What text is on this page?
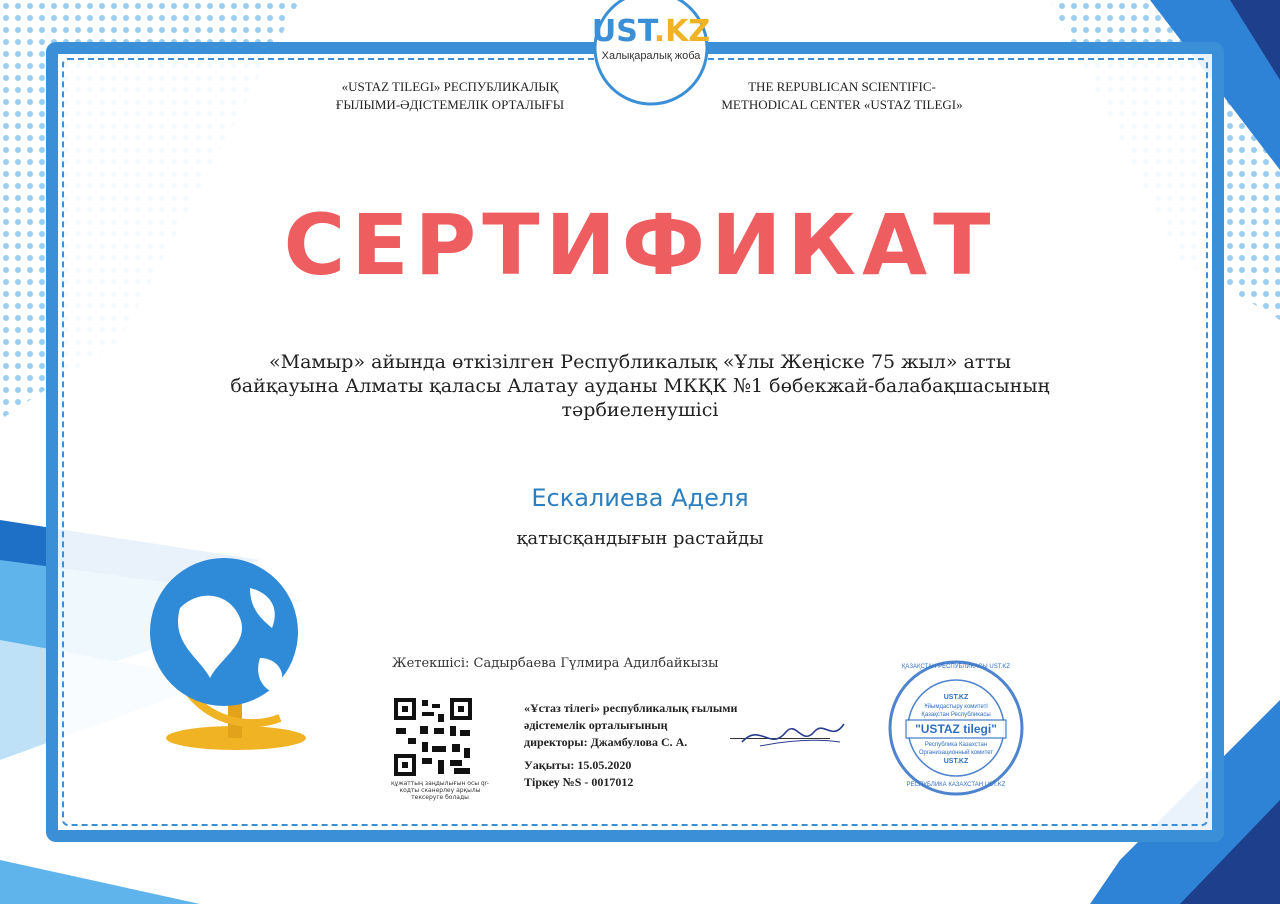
UST.KZ
Халықаралық жоба
«USTAZ TILEGI» РЕСПУБЛИКАЛЫҚ
ҒЫЛЫМИ-ӘДІСТЕМЕЛІК ОРТАЛЫҒЫ
THE REPUBLICAN SCIENTIFIC-
METHODICAL CENTER «USTAZ TILEGI»
СЕРТИФИКАТ
«Мамыр» айында өткізілген Республикалық «Ұлы Жеңіске 75 жыл» атты
байқауына Алматы қаласы Алатау ауданы МКҚК №1 бөбекжай-балабақшасының
тәрбиеленушісі
Ескалиева Аделя
қатысқандығын растайды
Жетекшісі: Садырбаева Гүлмира Адилбайкызы
құжаттың заңдылығын осы qr-кодты сканерлеу арқылы тексеруге болады
«Ұстаз тілегі» республикалық ғылыми
әдістемелік орталығының
директоры: Джамбулова С. А.
Уақыты: 15.05.2020
Тіркеу №S - 0017012
UST.KZ
Ұйымдастыру комитеті
Қазақстан Республикасы
"USTAZ tilegi"
Республика Казахстан
Организационный комитет
UST.KZ
ҚАЗАҚСТАН РЕСПУБЛИКАСЫ UST.KZ
РЕСПУБЛИКА КАЗАХСТАН UST.KZ
